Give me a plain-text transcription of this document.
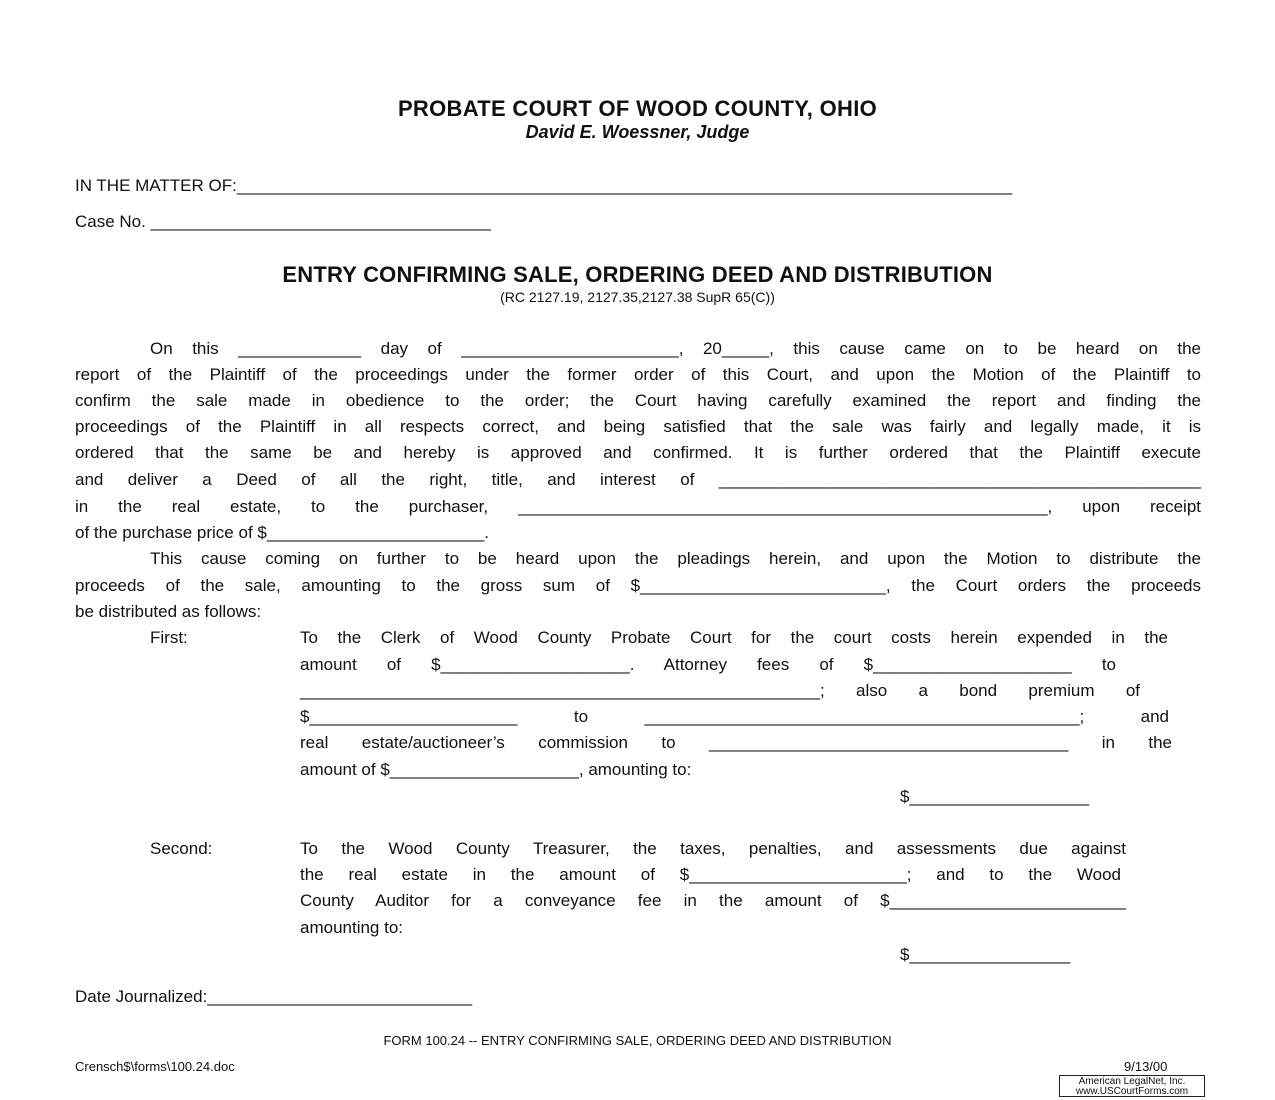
PROBATE COURT OF WOOD COUNTY, OHIO
David E. Woessner, Judge
IN THE MATTER OF:__________________________________________________________________________________
Case No. ____________________________________
ENTRY CONFIRMING SALE, ORDERING DEED AND DISTRIBUTION
(RC 2127.19, 2127.35,2127.38 SupR 65(C))
On this _____________ day of _______________________, 20_____, this cause came on to be heard on the
report of the Plaintiff of the proceedings under the former order of this Court, and upon the Motion of the Plaintiff to
confirm the sale made in obedience to the order; the Court having carefully examined the report and finding the
proceedings of the Plaintiff in all respects correct, and being satisfied that the sale was fairly and legally made, it is
ordered that the same be and hereby is approved and confirmed. It is further ordered that the Plaintiff execute
and deliver a Deed of all the right, title, and interest of ___________________________________________________
in the real estate, to the purchaser, ________________________________________________________, upon receipt
of the purchase price of $_______________________.
This cause coming on further to be heard upon the pleadings herein, and upon the Motion to distribute the
proceeds of the sale, amounting to the gross sum of $__________________________, the Court orders the proceeds
be distributed as follows:
First:	To the Clerk of Wood County Probate Court for the court costs herein expended in the
amount of $____________________. Attorney fees of $_____________________ to
_______________________________________________________; also a bond premium of
$______________________ to ______________________________________________; and
real estate/auctioneer’s commission to ______________________________________ in the
amount of $____________________, amounting to:
$___________________
Second:	To the Wood County Treasurer, the taxes, penalties, and assessments due against
the real estate in the amount of $_______________________; and to the Wood
County Auditor for a conveyance fee in the amount of $_________________________
amounting to:
$_________________
Date Journalized:____________________________
FORM 100.24 -- ENTRY CONFIRMING SALE, ORDERING DEED AND DISTRIBUTION
Crensch$\forms\100.24.doc	9/13/00
American LegalNet, Inc.
www.USCourtForms.com
